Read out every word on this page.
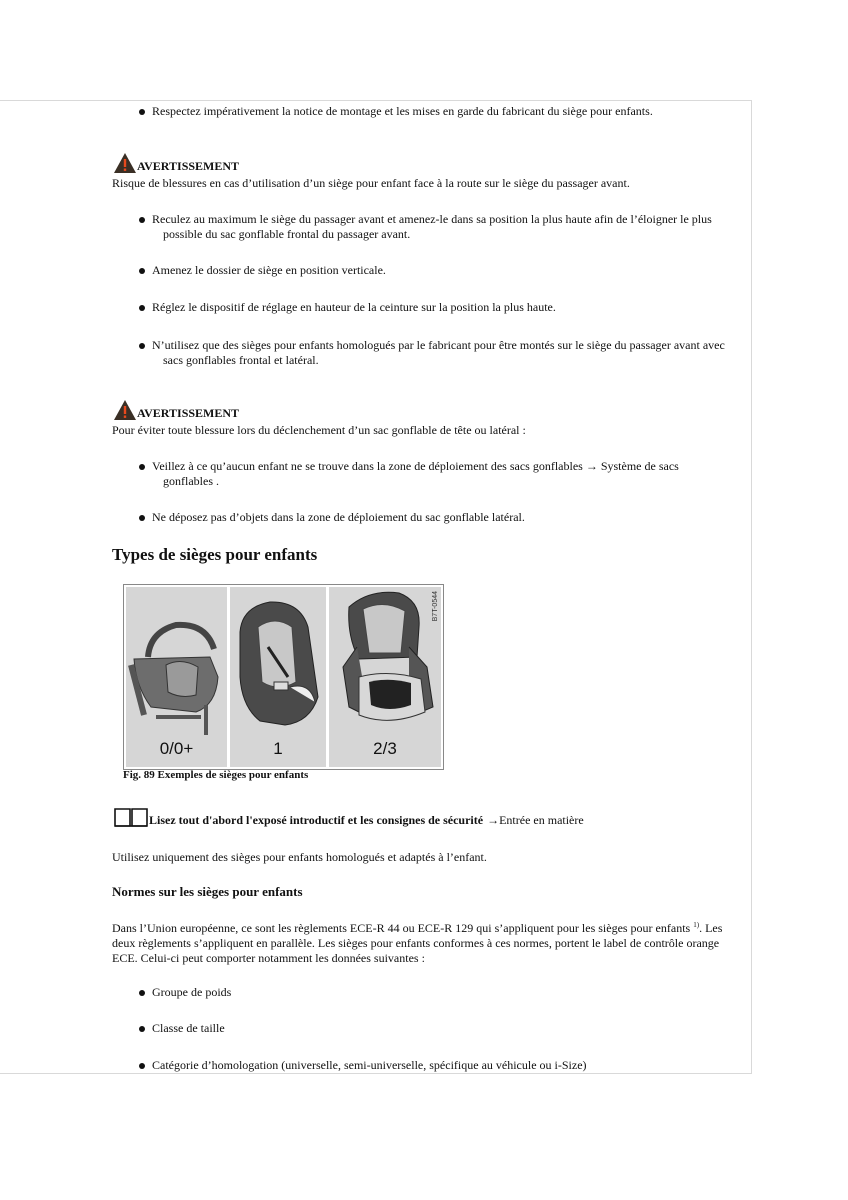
Respectez impérativement la notice de montage et les mises en garde du fabricant du siège pour enfants.
AVERTISSEMENT
Risque de blessures en cas d’utilisation d’un siège pour enfant face à la route sur le siège du passager avant.
Reculez au maximum le siège du passager avant et amenez-le dans sa position la plus haute afin de l’éloigner le plus
possible du sac gonflable frontal du passager avant.
Amenez le dossier de siège en position verticale.
Réglez le dispositif de réglage en hauteur de la ceinture sur la position la plus haute.
N’utilisez que des sièges pour enfants homologués par le fabricant pour être montés sur le siège du passager avant avec
sacs gonflables frontal et latéral.
AVERTISSEMENT
Pour éviter toute blessure lors du déclenchement d’un sac gonflable de tête ou latéral :
Veillez à ce qu’aucun enfant ne se trouve dans la zone de déploiement des sacs gonflables → Système de sacs
gonflables .
Ne déposez pas d’objets dans la zone de déploiement du sac gonflable latéral.
Types de sièges pour enfants
0/0+	1	2/3
B7T-0544
Fig. 89 Exemples de sièges pour enfants
Lisez tout d'abord l'exposé introductif et les consignes de sécurité →Entrée en matière
Utilisez uniquement des sièges pour enfants homologués et adaptés à l’enfant.
Normes sur les sièges pour enfants
Dans l’Union européenne, ce sont les règlements ECE-R 44 ou ECE-R 129 qui s’appliquent pour les sièges pour enfants $^{1)}$. Les
deux règlements s’appliquent en parallèle. Les sièges pour enfants conformes à ces normes, portent le label de contrôle orange
ECE. Celui-ci peut comporter notamment les données suivantes :
Groupe de poids
Classe de taille
Catégorie d’homologation (universelle, semi-universelle, spécifique au véhicule ou i-Size)
